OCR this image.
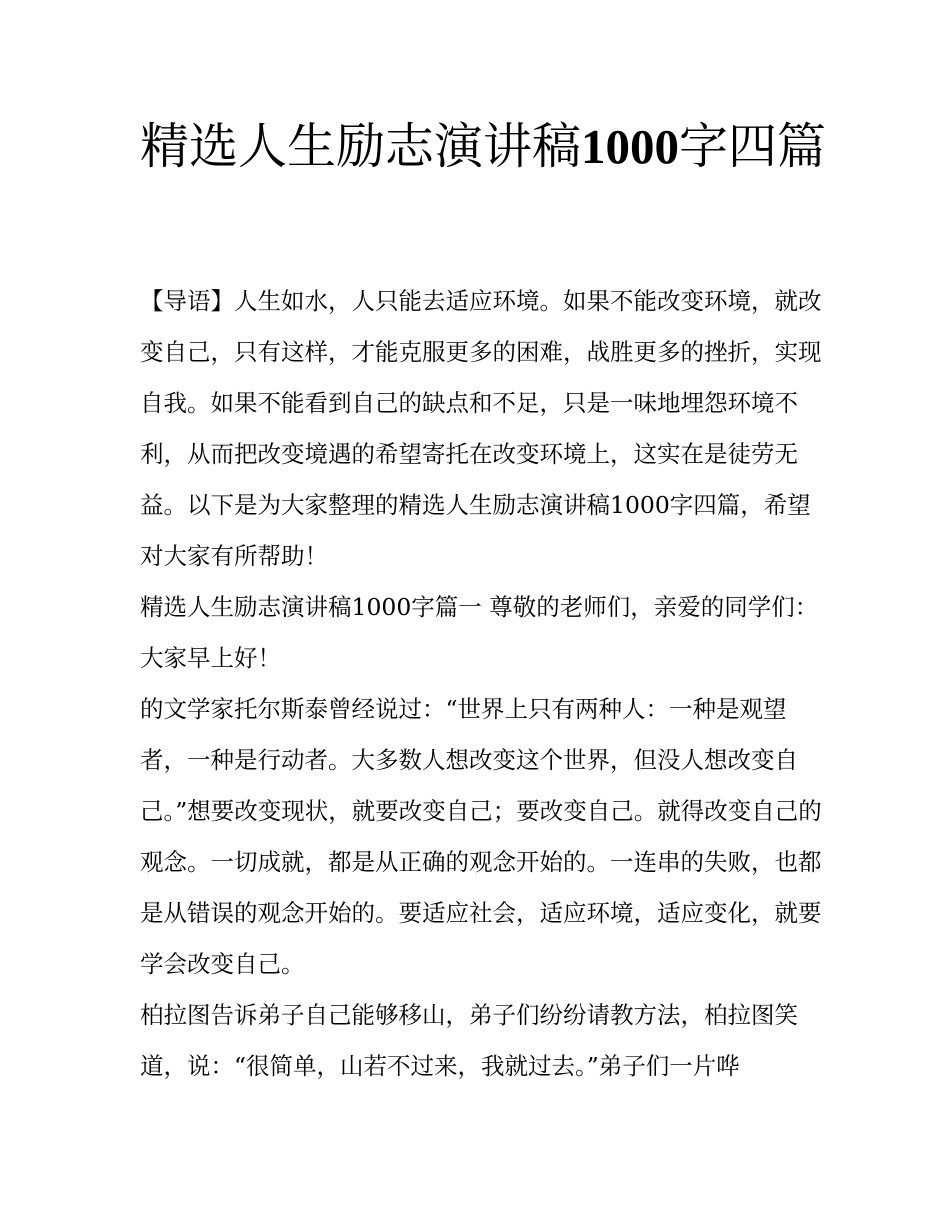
精选人生励志演讲稿1000字四篇

【导语】人生如水，人只能去适应环境。如果不能改变环境，就改变自己，只有这样，才能克服更多的困难，战胜更多的挫折，实现自我。如果不能看到自己的缺点和不足，只是一味地埋怨环境不利，从而把改变境遇的希望寄托在改变环境上，这实在是徒劳无益。以下是为大家整理的精选人生励志演讲稿1000字四篇，希望对大家有所帮助！

精选人生励志演讲稿1000字篇一 尊敬的老师们，亲爱的同学们： 大家早上好！

的文学家托尔斯泰曾经说过：“世界上只有两种人：一种是观望者，一种是行动者。大多数人想改变这个世界，但没人想改变自己。”想要改变现状，就要改变自己；要改变自己。就得改变自己的观念。一切成就，都是从正确的观念开始的。一连串的失败，也都是从错误的观念开始的。要适应社会，适应环境，适应变化，就要学会改变自己。

柏拉图告诉弟子自己能够移山，弟子们纷纷请教方法，柏拉图笑道，说：“很简单，山若不过来，我就过去。”弟子们一片哗
